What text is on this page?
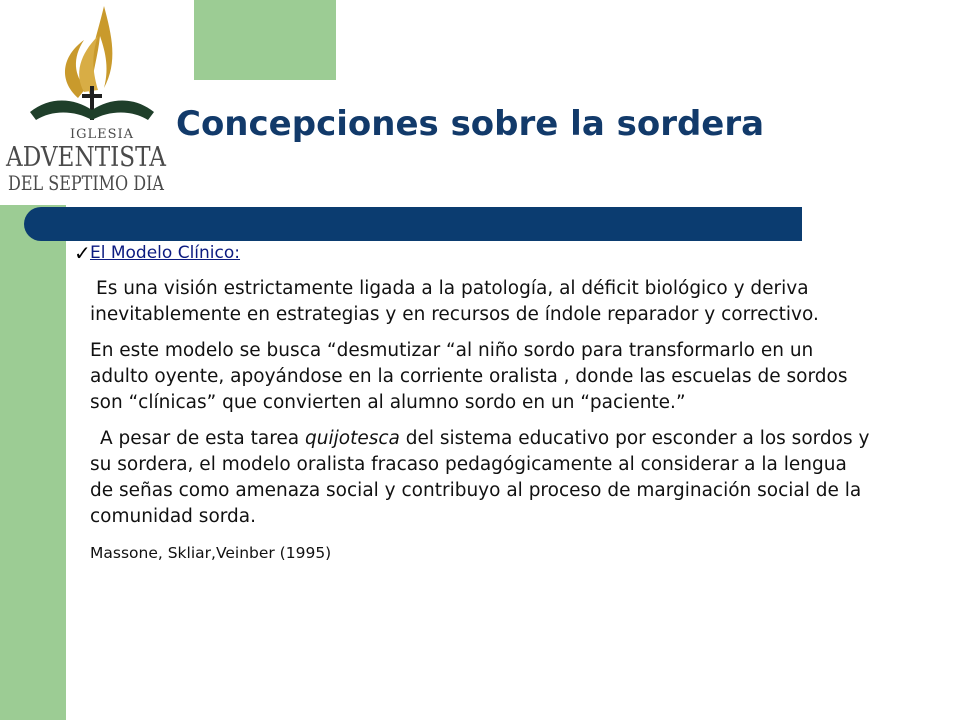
IGLESIA
ADVENTISTA
DEL SEPTIMO DIA
Concepciones sobre la sordera
✓ El Modelo Clínico:

Es una visión estrictamente ligada a la patología, al déficit biológico y deriva inevitablemente en estrategias y en recursos de índole reparador y correctivo.

En este modelo se busca “desmutizar “al niño sordo para transformarlo en un adulto oyente, apoyándose en la corriente oralista , donde las escuelas de sordos son “clínicas” que convierten al alumno sordo en un “paciente.”

A pesar de esta tarea quijotesca del sistema educativo por esconder a los sordos y su sordera, el modelo oralista fracaso pedagógicamente al considerar a la lengua de señas como amenaza social y contribuyo al proceso de marginación social de la comunidad sorda.

Massone, Skliar,Veinber (1995)
